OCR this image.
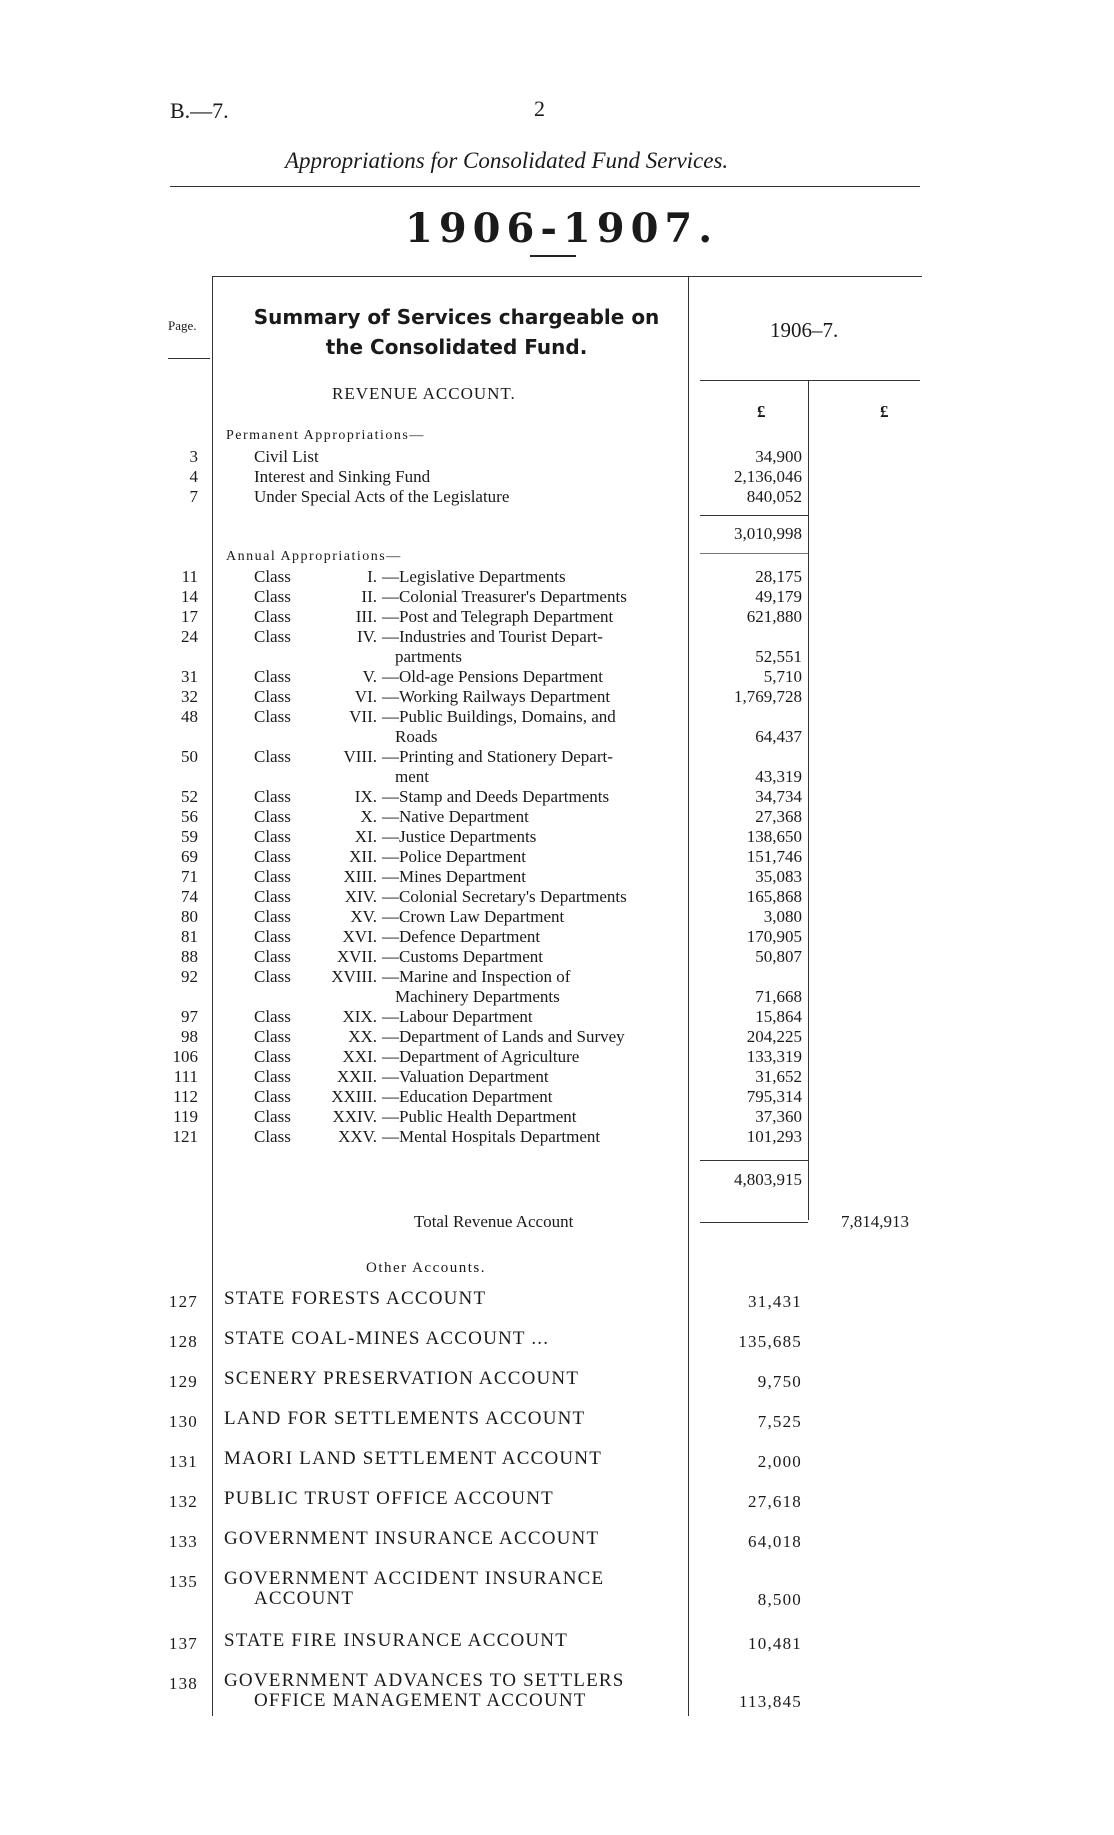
B.—7.	2
Appropriations for Consolidated Fund Services.
1906-1907.
Page.	Summary of Services chargeable on the Consolidated Fund.
1906–7.
REVENUE ACCOUNT.
£	£
Permanent Appropriations—
3	Civil List	34,900
4	Interest and Sinking Fund	2,136,046
7	Under Special Acts of the Legislature	840,052
3,010,998
Annual Appropriations—
11	Class	I. —Legislative Departments	28,175
14	Class	II. —Colonial Treasurer's Departments	49,179
17	Class	III. —Post and Telegraph Department	621,880
24	Class	IV. —Industries and Tourist Depart-
partments	52,551
31	Class	V. —Old-age Pensions Department	5,710
32	Class	VI. —Working Railways Department	1,769,728
48	Class	VII. —Public Buildings, Domains, and
Roads	64,437
50	Class	VIII. —Printing and Stationery Depart-
ment	43,319
52	Class	IX. —Stamp and Deeds Departments	34,734
56	Class	X. —Native Department	27,368
59	Class	XI. —Justice Departments	138,650
69	Class	XII. —Police Department	151,746
71	Class	XIII. —Mines Department	35,083
74	Class	XIV. —Colonial Secretary's Departments	165,868
80	Class	XV. —Crown Law Department	3,080
81	Class	XVI. —Defence Department	170,905
88	Class	XVII. —Customs Department	50,807
92	Class	XVIII. —Marine and Inspection of
Machinery Departments	71,668
97	Class	XIX. —Labour Department	15,864
98	Class	XX. —Department of Lands and Survey	204,225
106	Class	XXI. —Department of Agriculture	133,319
111	Class	XXII. —Valuation Department	31,652
112	Class	XXIII. —Education Department	795,314
119	Class	XXIV. —Public Health Department	37,360
121	Class	XXV. —Mental Hospitals Department	101,293
4,803,915
Total Revenue Account	7,814,913
Other Accounts.
127 STATE FORESTS ACCOUNT	31,431
128 STATE COAL-MINES ACCOUNT ...	135,685
129 SCENERY PRESERVATION ACCOUNT	9,750
130 LAND FOR SETTLEMENTS ACCOUNT	7,525
131 MAORI LAND SETTLEMENT ACCOUNT	2,000
132 PUBLIC TRUST OFFICE ACCOUNT	27,618
133 GOVERNMENT INSURANCE ACCOUNT	64,018
135 GOVERNMENT ACCIDENT INSURANCE
ACCOUNT	8,500
137 STATE FIRE INSURANCE ACCOUNT	10,481
138 GOVERNMENT ADVANCES TO SETTLERS
OFFICE MANAGEMENT ACCOUNT	113,845
